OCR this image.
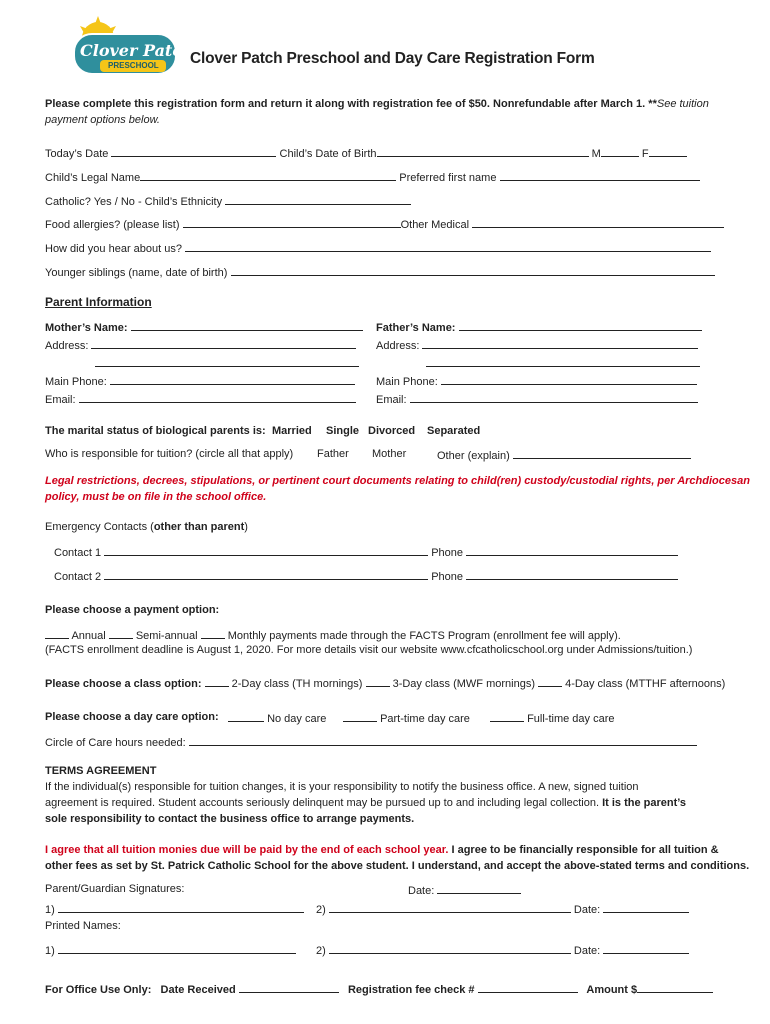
Clover Patch
PRESCHOOL Clover Patch Preschool and Day Care Registration Form
Please complete this registration form and return it along with registration fee of $50. Nonrefundable after March 1. **See tuition
payment options below.
Today’s Date	Child’s Date of Birth	M	F
Child’s Legal Name	Preferred first name
Catholic? Yes / No - Child’s Ethnicity
Food allergies? (please list)	Other Medical
How did you hear about us?
Younger siblings (name, date of birth)
Parent Information
Mother’s Name:	Father’s Name:
Address:	Address:
Main Phone:	Main Phone:
Email:	Email:
The marital status of biological parents is: Married Single Divorced Separated
Who is responsible for tuition? (circle all that apply) Father Mother	Other (explain)
Legal restrictions, decrees, stipulations, or pertinent court documents relating to child(ren) custody/custodial rights, per Archdiocesan
policy, must be on file in the school office.
Emergency Contacts (other than parent)
Contact 1	Phone
Contact 2	Phone
Please choose a payment option:
Annual	Semi-annual	Monthly payments made through the FACTS Program (enrollment fee will apply).
(FACTS enrollment deadline is August 1, 2020. For more details visit our website www.cfcatholicschool.org under Admissions/tuition.)
Please choose a class option:	2-Day class (TH mornings)	3-Day class (MWF mornings)	4-Day class (MTTHF afternoons)
Please choose a day care option:	No day care	Part-time day care	Full-time day care
Circle of Care hours needed:
TERMS AGREEMENT
If the individual(s) responsible for tuition changes, it is your responsibility to notify the business office. A new, signed tuition
agreement is required. Student accounts seriously delinquent may be pursued up to and including legal collection. It is the parent’s
sole responsibility to contact the business office to arrange payments.
I agree that all tuition monies due will be paid by the end of each school year. I agree to be financially responsible for all tuition &
other fees as set by St. Patrick Catholic School for the above student. I understand, and accept the above-stated terms and conditions.
Parent/Guardian Signatures:	Date:
1)	2)	Date:
Printed Names:
1)	2)	Date:
For Office Use Only: Date Received	Registration fee check #	Amount $
